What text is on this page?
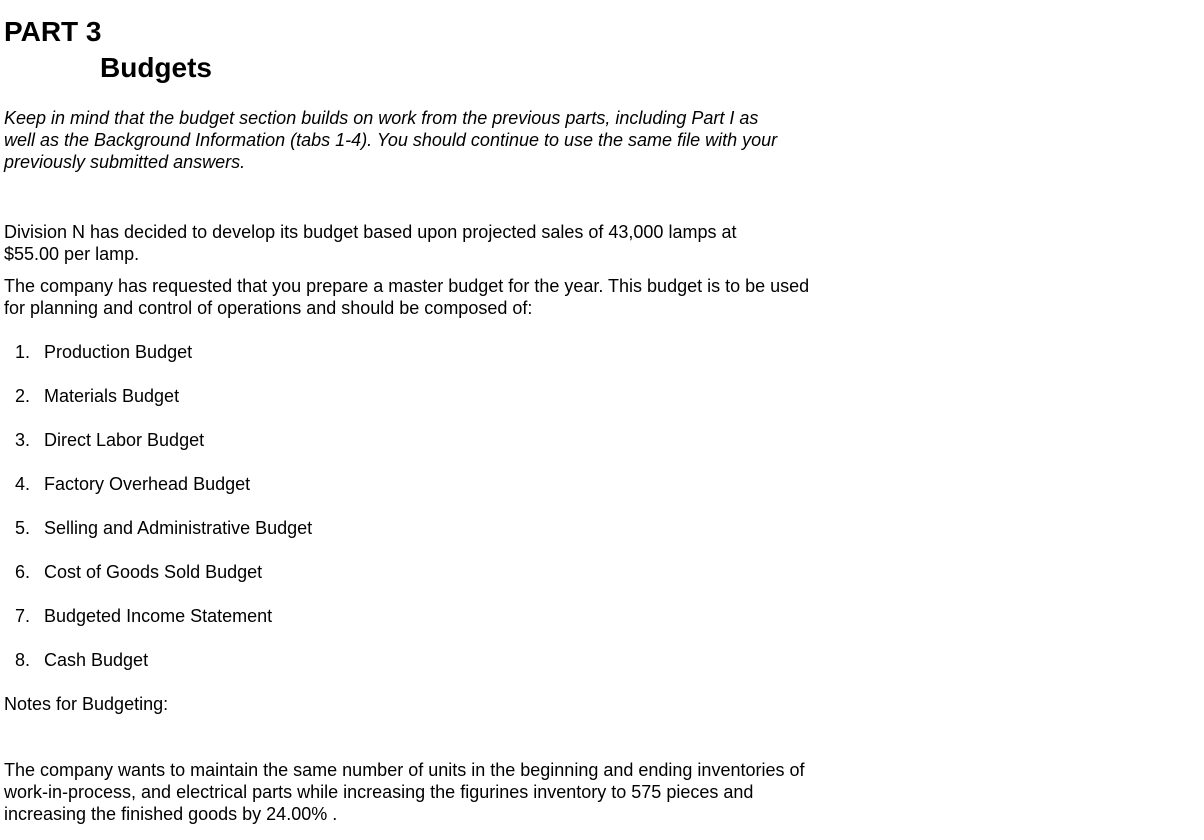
PART 3
Budgets
Keep in mind that the budget section builds on work from the previous parts, including Part I as
well as the Background Information (tabs 1-4). You should continue to use the same file with your
previously submitted answers.
Division N has decided to develop its budget based upon projected sales of 43,000 lamps at
$55.00 per lamp.
The company has requested that you prepare a master budget for the year. This budget is to be used
for planning and control of operations and should be composed of:
1. Production Budget
2. Materials Budget
3. Direct Labor Budget
4. Factory Overhead Budget
5. Selling and Administrative Budget
6. Cost of Goods Sold Budget
7. Budgeted Income Statement
8. Cash Budget
Notes for Budgeting:
The company wants to maintain the same number of units in the beginning and ending inventories of
work-in-process, and electrical parts while increasing the figurines inventory to 575 pieces and
increasing the finished goods by 24.00% .
